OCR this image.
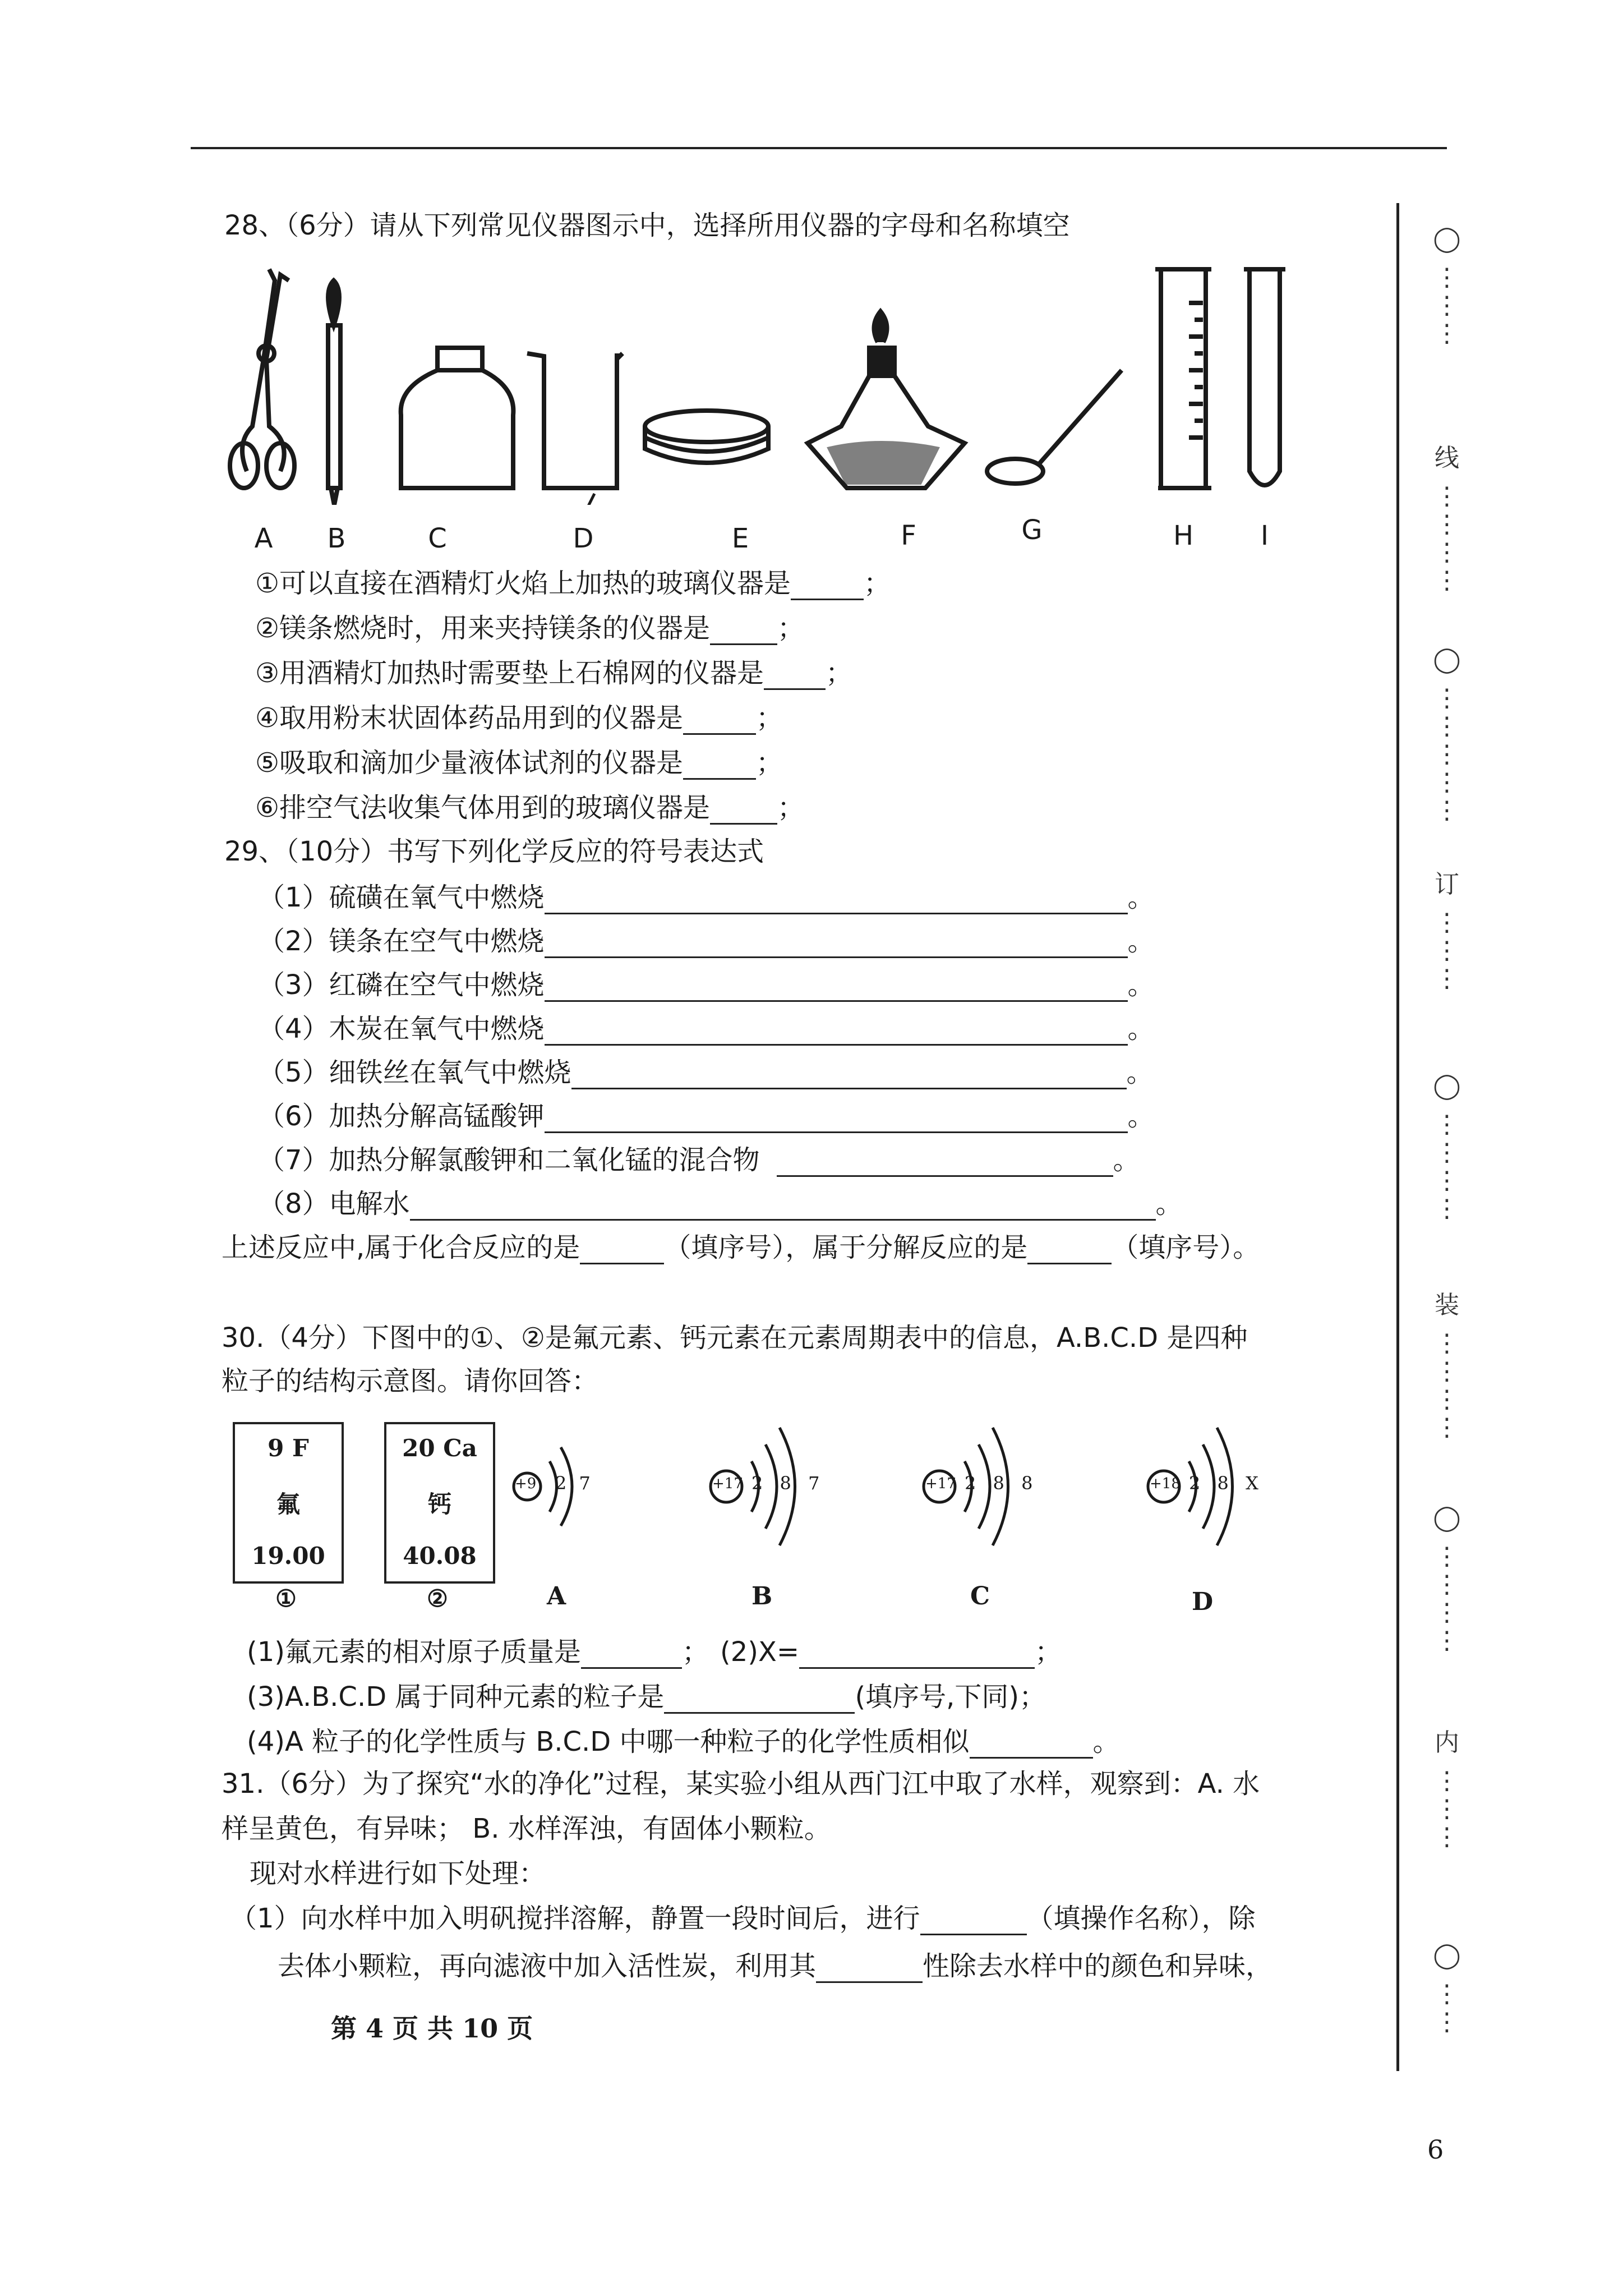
28、（6分）请从下列常见仪器图示中，选择所用仪器的字母和名称填空
A	B	C	D	E	F	G	H	I
①可以直接在酒精灯火焰上加热的玻璃仪器是	；
②镁条燃烧时，用来夹持镁条的仪器是	；
③用酒精灯加热时需要垫上石棉网的仪器是 ；
④取用粉末状固体药品用到的仪器是	；
⑤吸取和滴加少量液体试剂的仪器是	；
⑥排空气法收集气体用到的玻璃仪器是	；
29、（10分）书写下列化学反应的符号表达式
（1）硫磺在氧气中燃烧	。
（2）镁条在空气中燃烧	。
（3）红磷在空气中燃烧	。
（4）木炭在氧气中燃烧	。
（5）细铁丝在氧气中燃烧	。
（6）加热分解高锰酸钾	。
（7）加热分解氯酸钾和二氧化锰的混合物	。
（8）电解水	。
上述反应中,属于化合反应的是	（填序号），属于分解反应的是	（填序号）。
30.（4分）下图中的①、②是氟元素、钙元素在元素周期表中的信息，A.B.C.D 是四种
粒子的结构示意图。请你回答：
9 F
氟
19.00
①
20 Ca
钙
40.08
②
+9 2 7	+17 2 8 7	+17 2 8 8	+18 2 8 X
A	B	C	D
(1)氟元素的相对原子质量是	； (2)X=	；
(3)A.B.C.D 属于同种元素的粒子是	(填序号,下同)；
(4)A 粒子的化学性质与 B.C.D 中哪一种粒子的化学性质相似	。
31.（6分）为了探究“水的净化”过程，某实验小组从西门江中取了水样，观察到：A. 水
样呈黄色，有异味； B. 水样浑浊，有固体小颗粒。
现对水样进行如下处理：
（1）向水样中加入明矾搅拌溶解，静置一段时间后，进行	（填操作名称），除
去体小颗粒，再向滤液中加入活性炭，利用其	性除去水样中的颜色和异味，
第 4 页 共 10 页
6
◯
⋮
⋮
⋮
线
⋮
⋮
⋮
⋮
◯
⋮
⋮
⋮
⋮
⋮
订
⋮
⋮
⋮
◯
⋮
⋮
⋮
⋮
装
⋮
⋮
⋮
⋮
◯
⋮
⋮
⋮
⋮
内
⋮
⋮
⋮
◯
⋮
⋮
